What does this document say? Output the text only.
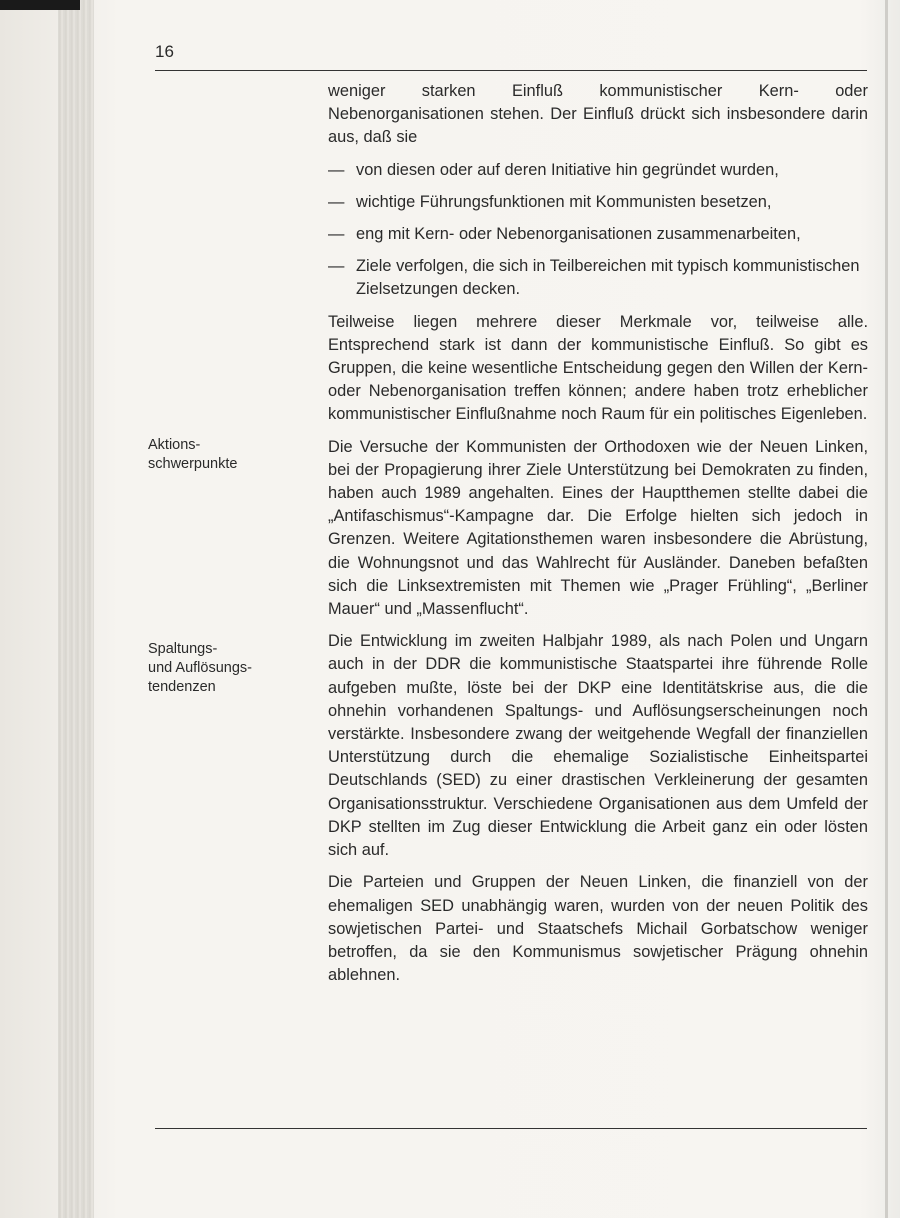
16
Aktions-
schwerpunkte
Spaltungs-
und Auflösungs-
tendenzen

weniger starken Einfluß kommunistischer Kern- oder Nebenorganisationen stehen. Der Einfluß drückt sich insbesondere darin aus, daß sie

— von diesen oder auf deren Initiative hin gegründet wurden,
— wichtige Führungsfunktionen mit Kommunisten besetzen,
— eng mit Kern- oder Nebenorganisationen zusammenarbeiten,
— Ziele verfolgen, die sich in Teilbereichen mit typisch kommunistischen Zielsetzungen decken.

Teilweise liegen mehrere dieser Merkmale vor, teilweise alle. Entsprechend stark ist dann der kommunistische Einfluß. So gibt es Gruppen, die keine wesentliche Entscheidung gegen den Willen der Kern- oder Nebenorganisation treffen können; andere haben trotz erheblicher kommunistischer Einflußnahme noch Raum für ein politisches Eigenleben.

Die Versuche der Kommunisten der Orthodoxen wie der Neuen Linken, bei der Propagierung ihrer Ziele Unterstützung bei Demokraten zu finden, haben auch 1989 angehalten. Eines der Hauptthemen stellte dabei die „Antifaschismus“-Kampagne dar. Die Erfolge hielten sich jedoch in Grenzen. Weitere Agitationsthemen waren insbesondere die Abrüstung, die Wohnungsnot und das Wahlrecht für Ausländer. Daneben befaßten sich die Linksextremisten mit Themen wie „Prager Frühling“, „Berliner Mauer“ und „Massenflucht“.

Die Entwicklung im zweiten Halbjahr 1989, als nach Polen und Ungarn auch in der DDR die kommunistische Staatspartei ihre führende Rolle aufgeben mußte, löste bei der DKP eine Identitätskrise aus, die die ohnehin vorhandenen Spaltungs- und Auflösungserscheinungen noch verstärkte. Insbesondere zwang der weitgehende Wegfall der finanziellen Unterstützung durch die ehemalige Sozialistische Einheitspartei Deutschlands (SED) zu einer drastischen Verkleinerung der gesamten Organisationsstruktur. Verschiedene Organisationen aus dem Umfeld der DKP stellten im Zug dieser Entwicklung die Arbeit ganz ein oder lösten sich auf.

Die Parteien und Gruppen der Neuen Linken, die finanziell von der ehemaligen SED unabhängig waren, wurden von der neuen Politik des sowjetischen Partei- und Staatschefs Michail Gorbatschow weniger betroffen, da sie den Kommunismus sowjetischer Prägung ohnehin ablehnen.
